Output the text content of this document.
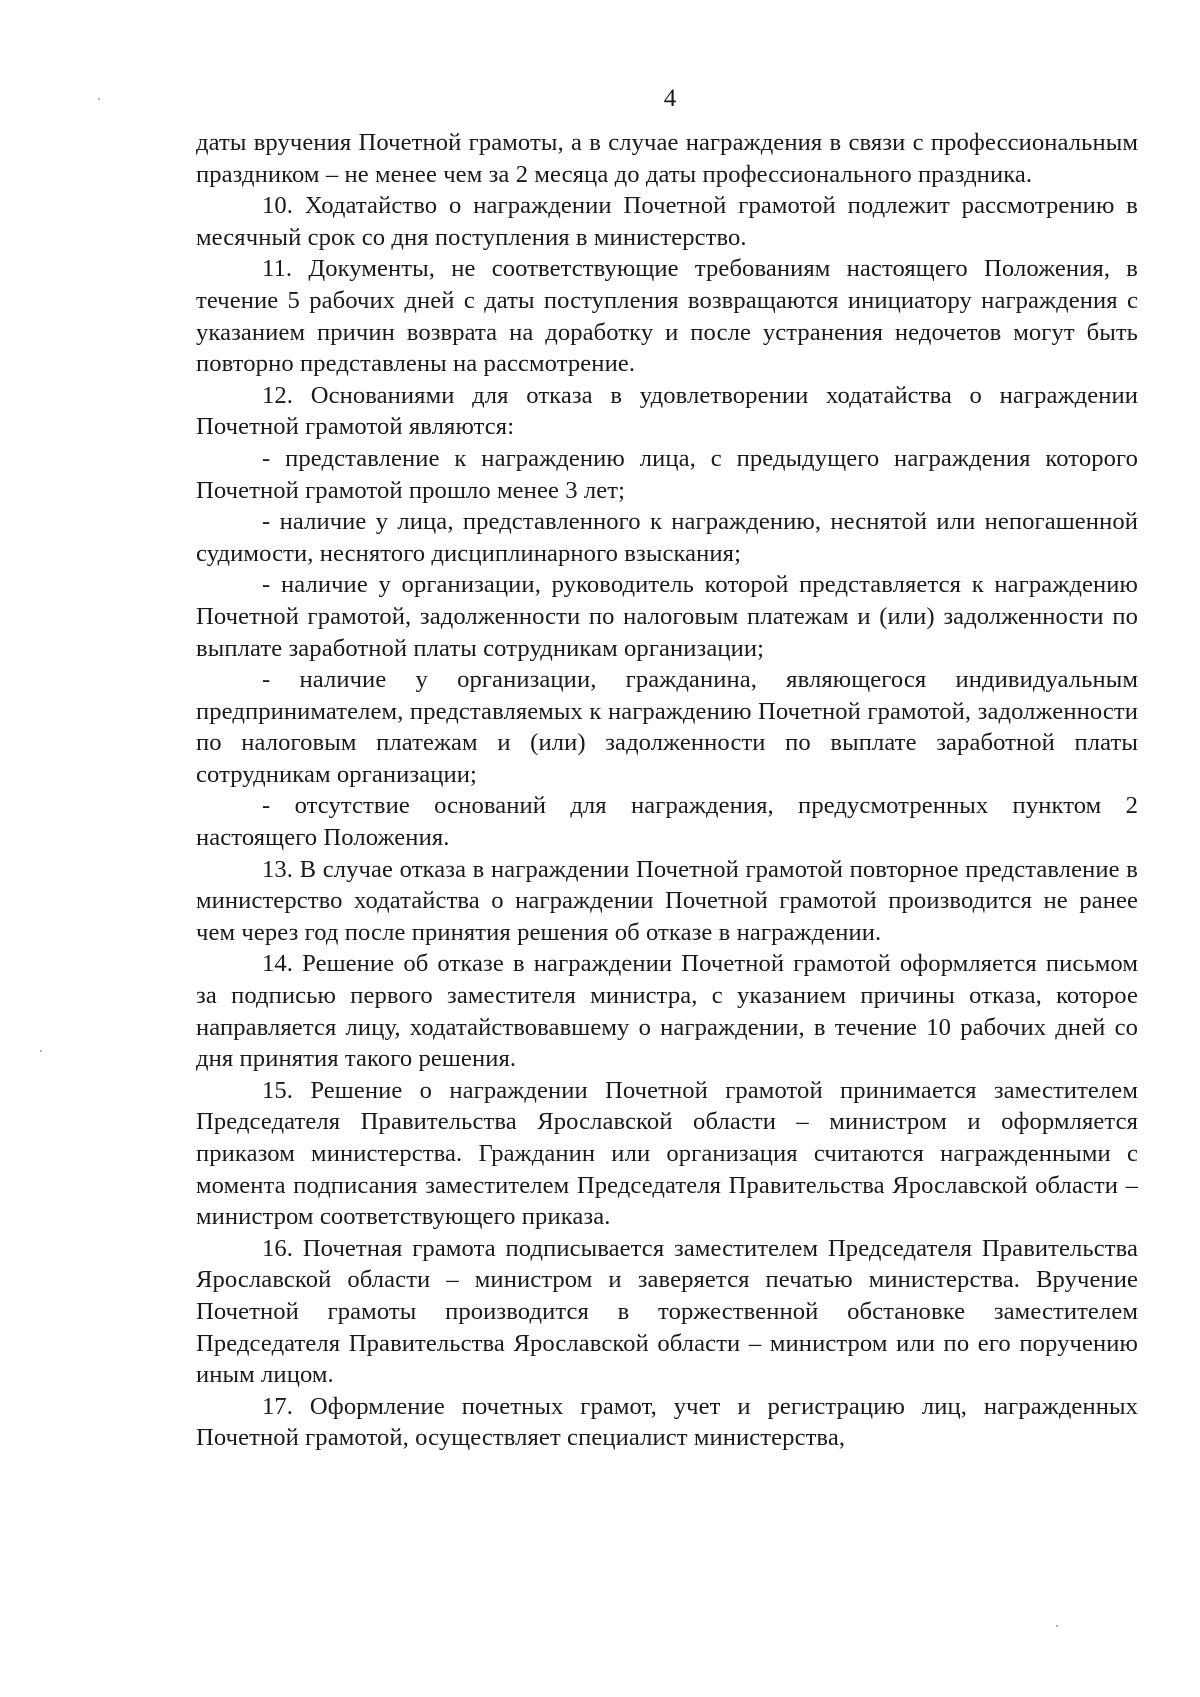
4

даты вручения Почетной грамоты, а в случае награждения в связи с профессиональным праздником – не менее чем за 2 месяца до даты профессионального праздника.

10. Ходатайство о награждении Почетной грамотой подлежит рассмотрению в месячный срок со дня поступления в министерство.

11. Документы, не соответствующие требованиям настоящего Положения, в течение 5 рабочих дней с даты поступления возвращаются инициатору награждения с указанием причин возврата на доработку и после устранения недочетов могут быть повторно представлены на рассмотрение.

12. Основаниями для отказа в удовлетворении ходатайства о награждении Почетной грамотой являются:

- представление к награждению лица, с предыдущего награждения которого Почетной грамотой прошло менее 3 лет;

- наличие у лица, представленного к награждению, неснятой или непогашенной судимости, неснятого дисциплинарного взыскания;

- наличие у организации, руководитель которой представляется к награждению Почетной грамотой, задолженности по налоговым платежам и (или) задолженности по выплате заработной платы сотрудникам организации;

- наличие у организации, гражданина, являющегося индивидуальным предпринимателем, представляемых к награждению Почетной грамотой, задолженности по налоговым платежам и (или) задолженности по выплате заработной платы сотрудникам организации;

- отсутствие оснований для награждения, предусмотренных пунктом 2 настоящего Положения.

13. В случае отказа в награждении Почетной грамотой повторное представление в министерство ходатайства о награждении Почетной грамотой производится не ранее чем через год после принятия решения об отказе в награждении.

14. Решение об отказе в награждении Почетной грамотой оформляется письмом за подписью первого заместителя министра, с указанием причины отказа, которое направляется лицу, ходатайствовавшему о награждении, в течение 10 рабочих дней со дня принятия такого решения.

15. Решение о награждении Почетной грамотой принимается заместителем Председателя Правительства Ярославской области – министром и оформляется приказом министерства. Гражданин или организация считаются награжденными с момента подписания заместителем Председателя Правительства Ярославской области – министром соответствующего приказа.

16. Почетная грамота подписывается заместителем Председателя Правительства Ярославской области – министром и заверяется печатью министерства. Вручение Почетной грамоты производится в торжественной обстановке заместителем Председателя Правительства Ярославской области – министром или по его поручению иным лицом.

17. Оформление почетных грамот, учет и регистрацию лиц, награжденных Почетной грамотой, осуществляет специалист министерства,
